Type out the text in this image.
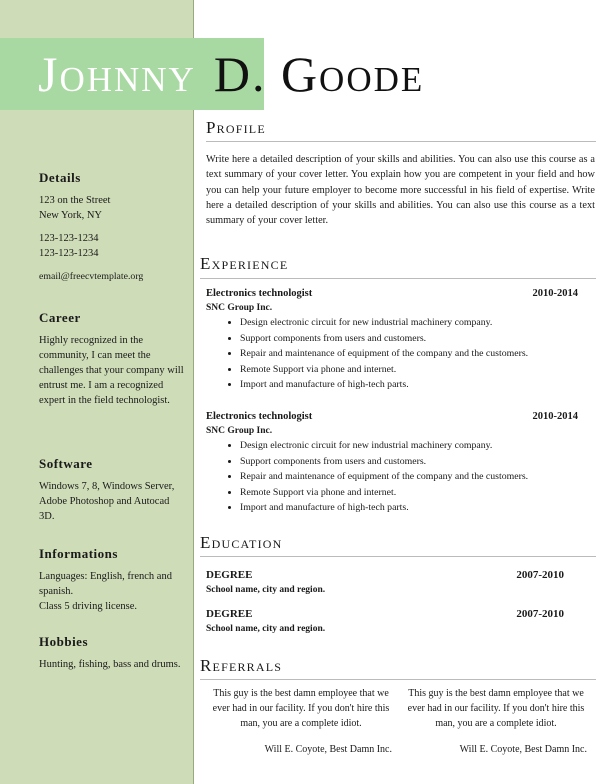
Johnny D. Goode
Details

123 on the Street

New York, NY

123-123-1234

123-123-1234

email@freecvtemplate.org

Career

Highly recognized in the community, I can meet the challenges that your company will entrust me. I am a recognized expert in the field technologist.

Software

Windows 7, 8, Windows Server, Adobe Photoshop and Autocad 3D.

Informations

Languages: English, french and spanish.

Class 5 driving license.

Hobbies

Hunting, fishing, bass and drums.

Profile

Write here a detailed description of your skills and abilities. You can also use this course as a text summary of your cover letter. You explain how you are competent in your field and how you can help your future employer to become more successful in his field of expertise. Write here a detailed description of your skills and abilities. You can also use this course as a text summary of your cover letter.

Experience
Electronics technologist	2010-2014
SNC Group Inc.
• Design electronic circuit for new industrial machinery company.
• Support components from users and customers.
• Repair and maintenance of equipment of the company and the customers.
• Remote Support via phone and internet.
• Import and manufacture of high-tech parts.
Electronics technologist	2010-2014
SNC Group Inc.
• Design electronic circuit for new industrial machinery company.
• Support components from users and customers.
• Repair and maintenance of equipment of the company and the customers.
• Remote Support via phone and internet.
• Import and manufacture of high-tech parts.
Education
DEGREE	2007-2010
School name, city and region.
DEGREE	2007-2010
School name, city and region.
Referrals

This guy is the best damn employee that we ever had in our facility. If you don't hire this man, you are a complete idiot.

Will E. Coyote, Best Damn Inc.

This guy is the best damn employee that we ever had in our facility. If you don't hire this man, you are a complete idiot.

Will E. Coyote, Best Damn Inc.
